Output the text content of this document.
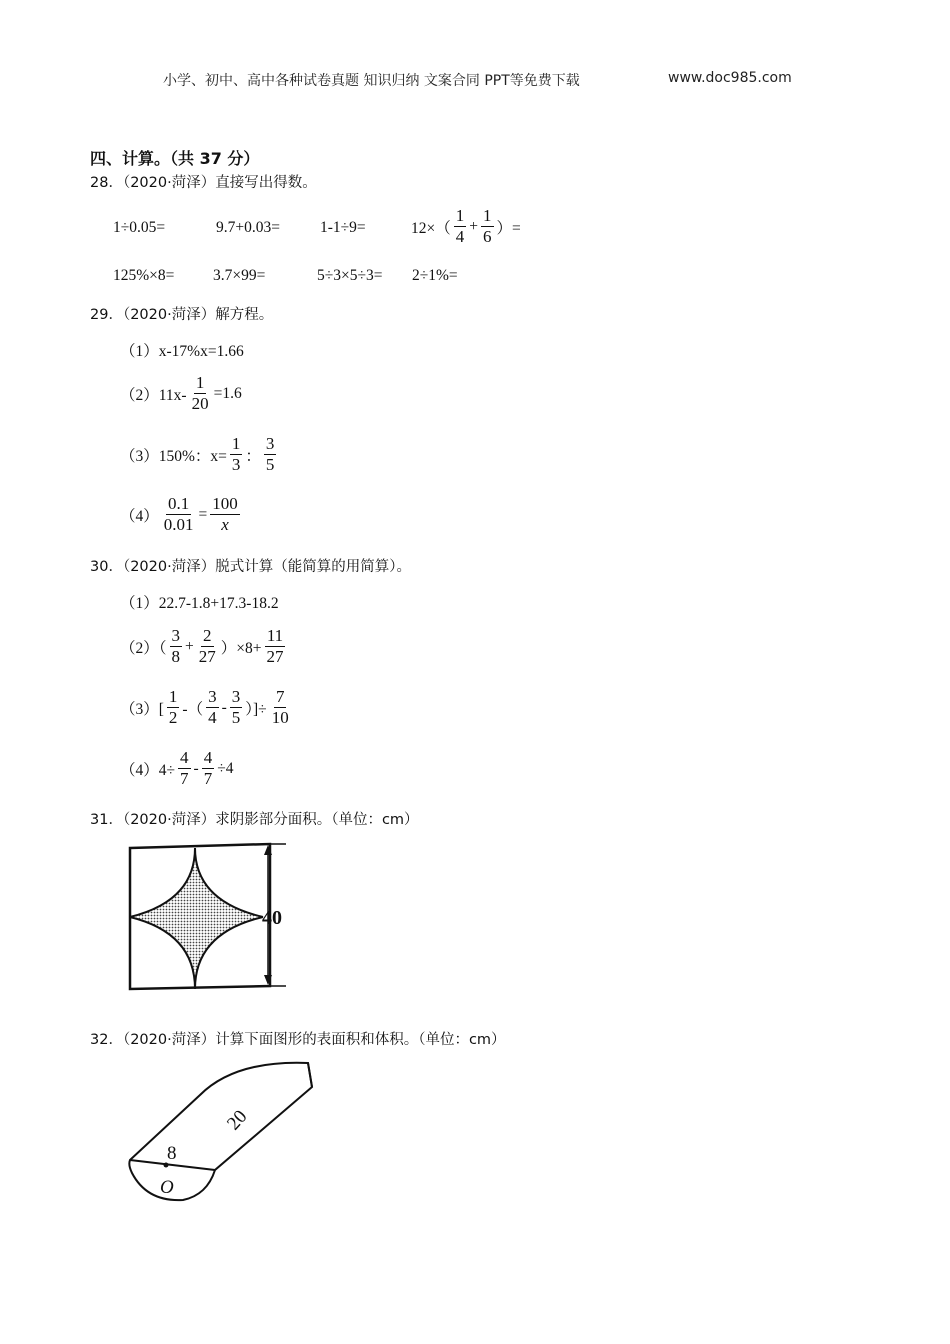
小学、初中、高中各种试卷真题 知识归纳 文案合同 PPT等免费下载	www.doc985.com
四、计算。（共 37 分）
28．（2020·菏泽）直接写出得数。
1÷0.05=	9.7+0.03=	1-1÷9=	$12\times( \frac{1}{4} + \frac{1}{6}$ ）=
125%×8= 3.7×99=	5÷3×5÷3= 2÷1%=
29．（2020·菏泽）解方程。
（1）x-17%x=1.66
$(2)11x- \frac{1}{20} =1.6$
（3）150%：$x= \frac{1}{3}$ ： $\frac{3}{5}$
$(4) \frac{0.1}{0.01} = \frac{100}{x}$
30．（2020·菏泽）脱式计算（能简算的用简算）。
（1）22.7-1.8+17.3-18.2
$(2)( \frac{3}{8} + \frac{2}{27} )\times 8+ \frac{11}{27}$
$(3)[ \frac{1}{2}$ -（ $\frac{3}{4} - \frac{3}{5}$ ）]÷ $\frac{7}{10}$
$(4)4\div \frac{4}{7} - \frac{4}{7} \div 4$
31．（2020·菏泽）求阴影部分面积。（单位：cm）
40
32．（2020·菏泽）计算下面图形的表面积和体积。（单位：cm）
8
O
20
